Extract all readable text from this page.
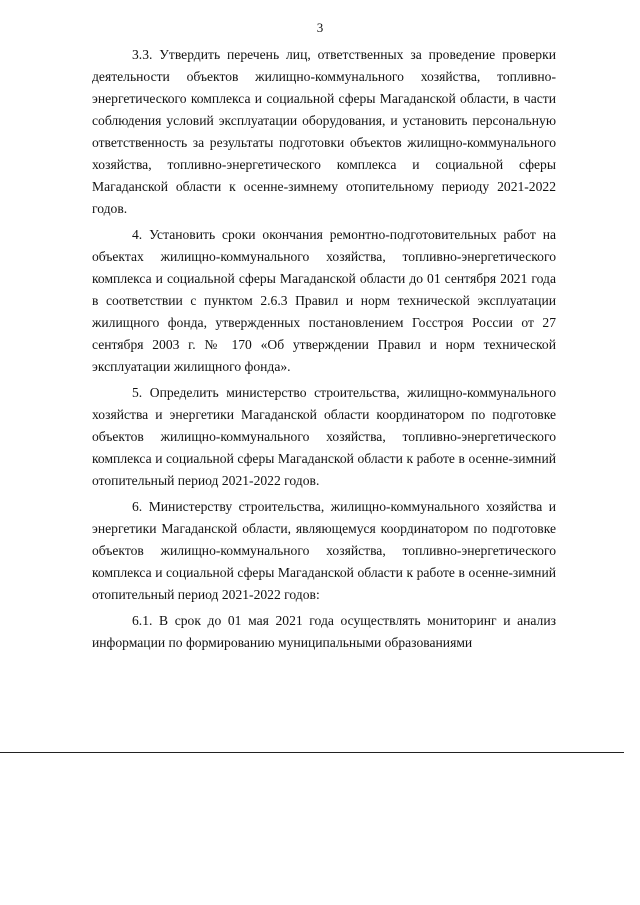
3

3.3. Утвердить перечень лиц, ответственных за проведение проверки деятельности объектов жилищно-коммунального хозяйства, топливно-энергетического комплекса и социальной сферы Магаданской области, в части соблюдения условий эксплуатации оборудования, и установить персональную ответственность за результаты подготовки объектов жилищно-коммунального хозяйства, топливно-энергетического комплекса и социальной сферы Магаданской области к осенне-зимнему отопительному периоду 2021-2022 годов.

4. Установить сроки окончания ремонтно-подготовительных работ на объектах жилищно-коммунального хозяйства, топливно-энергетического комплекса и социальной сферы Магаданской области до 01 сентября 2021 года в соответствии с пунктом 2.6.3 Правил и норм технической эксплуатации жилищного фонда, утвержденных постановлением Госстроя России от 27 сентября 2003 г. № 170 «Об утверждении Правил и норм технической эксплуатации жилищного фонда».

5. Определить министерство строительства, жилищно-коммунального хозяйства и энергетики Магаданской области координатором по подготовке объектов жилищно-коммунального хозяйства, топливно-энергетического комплекса и социальной сферы Магаданской области к работе в осенне-зимний отопительный период 2021-2022 годов.

6. Министерству строительства, жилищно-коммунального хозяйства и энергетики Магаданской области, являющемуся координатором по подготовке объектов жилищно-коммунального хозяйства, топливно-энергетического комплекса и социальной сферы Магаданской области к работе в осенне-зимний отопительный период 2021-2022 годов:

6.1. В срок до 01 мая 2021 года осуществлять мониторинг и анализ информации по формированию муниципальными образованиями
